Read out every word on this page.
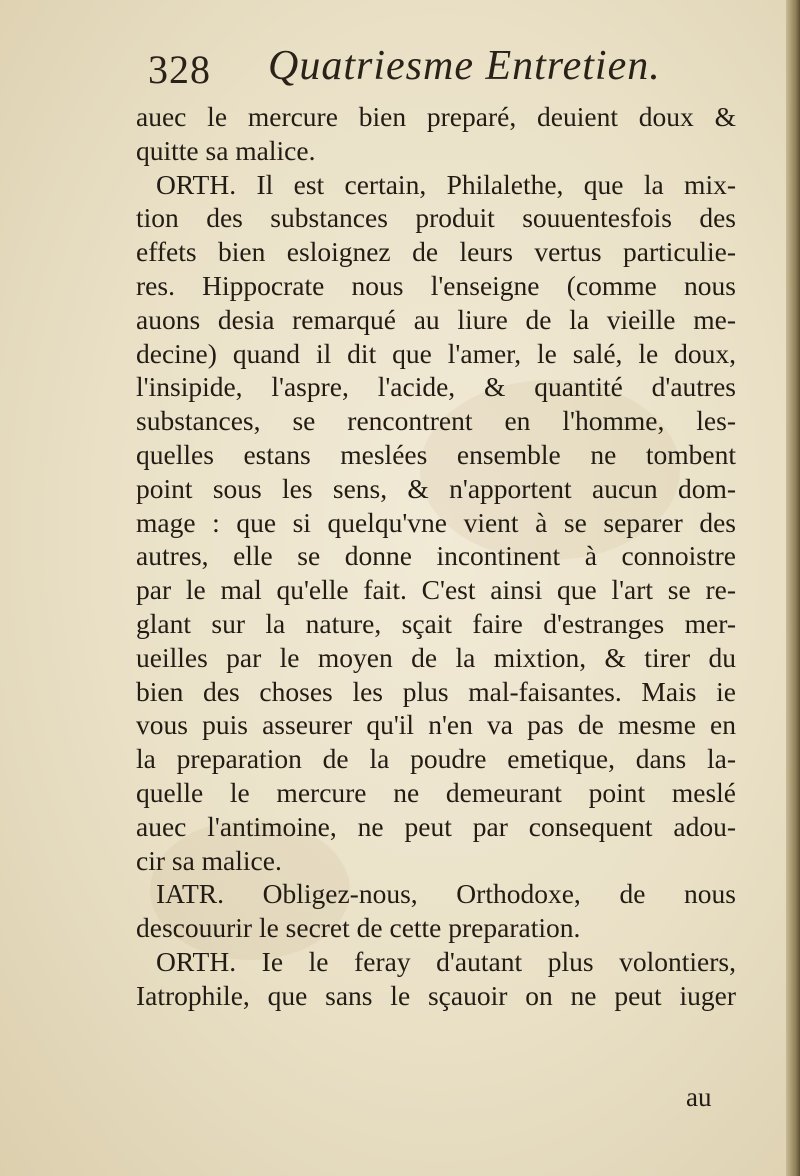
328 Quatriesme Entretien.
auec le mercure bien preparé, deuient doux &
quitte sa malice.
ORTH. Il est certain, Philalethe, que la mix-
tion des substances produit souuentesfois des
effets bien esloignez de leurs vertus particulie-
res. Hippocrate nous l'enseigne (comme nous
auons desia remarqué au liure de la vieille me-
decine) quand il dit que l'amer, le salé, le doux,
l'insipide, l'aspre, l'acide, & quantité d'autres
substances, se rencontrent en l'homme, les-
quelles estans meslées ensemble ne tombent
point sous les sens, & n'apportent aucun dom-
mage : que si quelqu'vne vient à se separer des
autres, elle se donne incontinent à connoistre
par le mal qu'elle fait. C'est ainsi que l'art se re-
glant sur la nature, sçait faire d'estranges mer-
ueilles par le moyen de la mixtion, & tirer du
bien des choses les plus mal-faisantes. Mais ie
vous puis asseurer qu'il n'en va pas de mesme en
la preparation de la poudre emetique, dans la-
quelle le mercure ne demeurant point meslé
auec l'antimoine, ne peut par consequent adou-
cir sa malice.
IATR. Obligez-nous, Orthodoxe, de nous
descouurir le secret de cette preparation.
ORTH. Ie le feray d'autant plus volontiers,
Iatrophile, que sans le sçauoir on ne peut iuger
au
